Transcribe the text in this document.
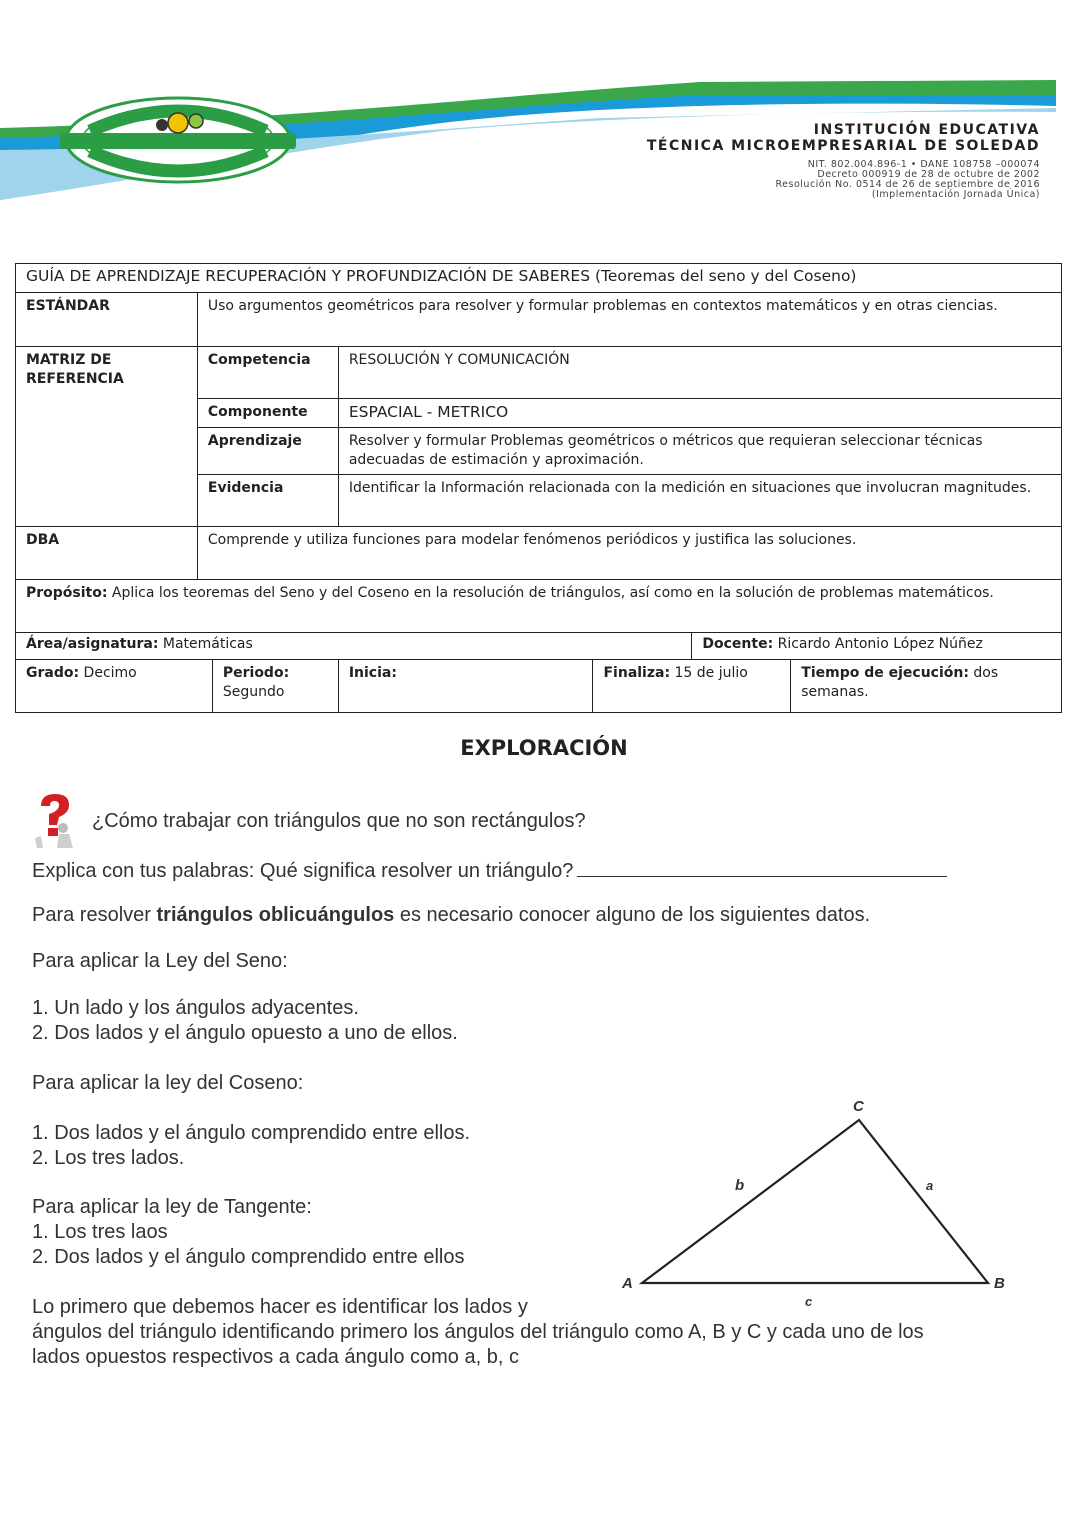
INSTITUCIÓN EDUCATIVA
TÉCNICA MICROEMPRESARIAL DE SOLEDAD
NIT. 802.004.896-1 • DANE 108758 –000074
Decreto 000919 de 28 de octubre de 2002
Resolución No. 0514 de 26 de septiembre de 2016
(Implementación Jornada Única)
GUÍA DE APRENDIZAJE RECUPERACIÓN Y PROFUNDIZACIÓN DE SABERES (Teoremas del seno y del Coseno)						
ESTÁNDAR	Uso argumentos geométricos para resolver y formular problemas en contextos matemáticos y en otras ciencias.					
MATRIZ DE REFERENCIA	Competencia		RESOLUCIÓN Y COMUNICACIÓN			
	Componente		ESPACIAL - METRICO			
	Aprendizaje		Resolver y formular Problemas geométricos o métricos que requieran seleccionar técnicas adecuadas de estimación y aproximación.			
	Evidencia		Identificar la Información relacionada con la medición en situaciones que involucran magnitudes.			
DBA	Comprende y utiliza funciones para modelar fenómenos periódicos y justifica las soluciones.					
Propósito: Aplica los teoremas del Seno y del Coseno en la resolución de triángulos, así como en la solución de problemas matemáticos.						
Área/asignatura: Matemáticas					Docente: Ricardo Antonio López Núñez	
Grado: Decimo		Periodo: Segundo	Inicia:	Finaliza: 15 de julio		Tiempo de ejecución: dos semanas.
EXPLORACIÓN
¿Cómo trabajar con triángulos que no son rectángulos?
Explica con tus palabras: Qué significa resolver un triángulo?
Para resolver triángulos oblicuángulos es necesario conocer alguno de los siguientes datos.
Para aplicar la Ley del Seno:
1. Un lado y los ángulos adyacentes.
2. Dos lados y el ángulo opuesto a uno de ellos.
Para aplicar la ley del Coseno:
1. Dos lados y el ángulo comprendido entre ellos.
2. Los tres lados.
Para aplicar la ley de Tangente:
1. Los tres laos
2. Dos lados y el ángulo comprendido entre ellos
Lo primero que debemos hacer es identificar los lados y
ángulos del triángulo identificando primero los ángulos del triángulo como A, B y C y cada uno de los
lados opuestos respectivos a cada ángulo como a, b, c
C
A	B
b	a
c
